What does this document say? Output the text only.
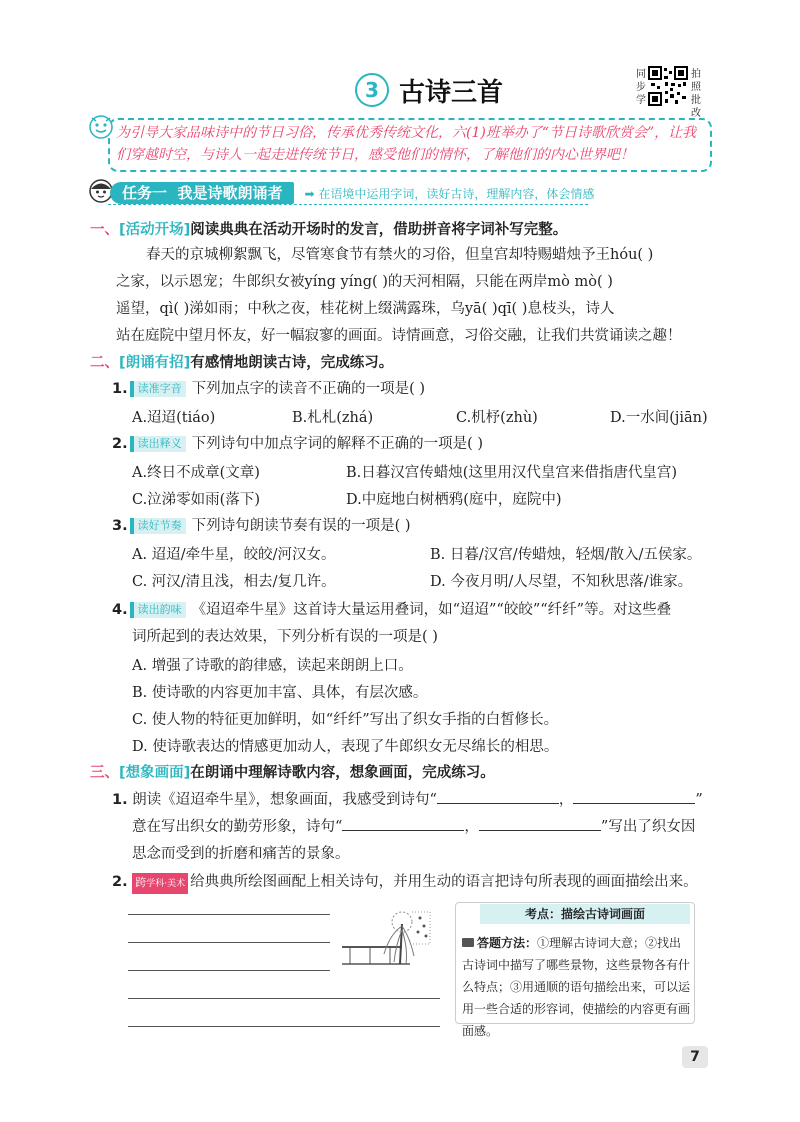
3 古诗三首
同步学
拍照批改
为引导大家品味诗中的节日习俗，传承优秀传统文化，六(1)班举办了“节日诗歌欣赏会”，让我们穿越时空，与诗人一起走进传统节日，感受他们的情怀，了解他们的内心世界吧！
任务一 我是诗歌朗诵者	➡ 在语境中运用字词，读好古诗，理解内容，体会情感
一、[活动开场]阅读典典在活动开场时的发言，借助拼音将字词补写完整。
春天的京城柳絮飘飞，尽管寒食节有禁火的习俗，但皇宫却特赐蜡烛予王hóu( )
之家，以示恩宠；牛郎织女被yíng yíng( )的天河相隔，只能在两岸mò mò( )
遥望，qì( )涕如雨；中秋之夜，桂花树上缀满露珠，乌yā( )qī( )息枝头，诗人
站在庭院中望月怀友，好一幅寂寥的画面。诗情画意，习俗交融，让我们共赏诵读之趣！
二、[朗诵有招]有感情地朗读古诗，完成练习。
1. 读准字音 下列加点字的读音不正确的一项是( )
A.迢迢(tiáo)	B.札札(zhá)	C.机杼(zhù)	D.一水间(jiān)
2. 读出释义 下列诗句中加点字词的解释不正确的一项是( )
A.终日不成章(文章)	B.日暮汉宫传蜡烛(这里用汉代皇宫来借指唐代皇宫)
C.泣涕零如雨(落下)	D.中庭地白树栖鸦(庭中，庭院中)
3. 读好节奏 下列诗句朗读节奏有误的一项是( )
A. 迢迢/牵牛星，皎皎/河汉女。	B. 日暮/汉宫/传蜡烛，轻烟/散入/五侯家。
C. 河汉/清且浅，相去/复几许。	D. 今夜月明/人尽望，不知秋思落/谁家。
4. 读出韵味 《迢迢牵牛星》这首诗大量运用叠词，如“迢迢”“皎皎”“纤纤”等。对这些叠
词所起到的表达效果，下列分析有误的一项是( )
A. 增强了诗歌的韵律感，读起来朗朗上口。
B. 使诗歌的内容更加丰富、具体，有层次感。
C. 使人物的特征更加鲜明，如“纤纤”写出了织女手指的白皙修长。
D. 使诗歌表达的情感更加动人，表现了牛郎织女无尽绵长的相思。
三、[想象画面]在朗诵中理解诗歌内容，想象画面，完成练习。
1. 朗读《迢迢牵牛星》，想象画面，我感受到诗句“	，	”
意在写出织女的勤劳形象，诗句“	，	”写出了织女因
思念而受到的折磨和痛苦的景象。
2. 跨学科·美术 给典典所绘图画配上相关诗句，并用生动的语言把诗句所表现的画面描绘出来。
考点：描绘古诗词画面
答题方法：①理解古诗词大意；②找出古诗词中描写了哪些景物，这些景物各有什么特点；③用通顺的语句描绘出来，可以运用一些合适的形容词，使描绘的内容更有画面感。
7
